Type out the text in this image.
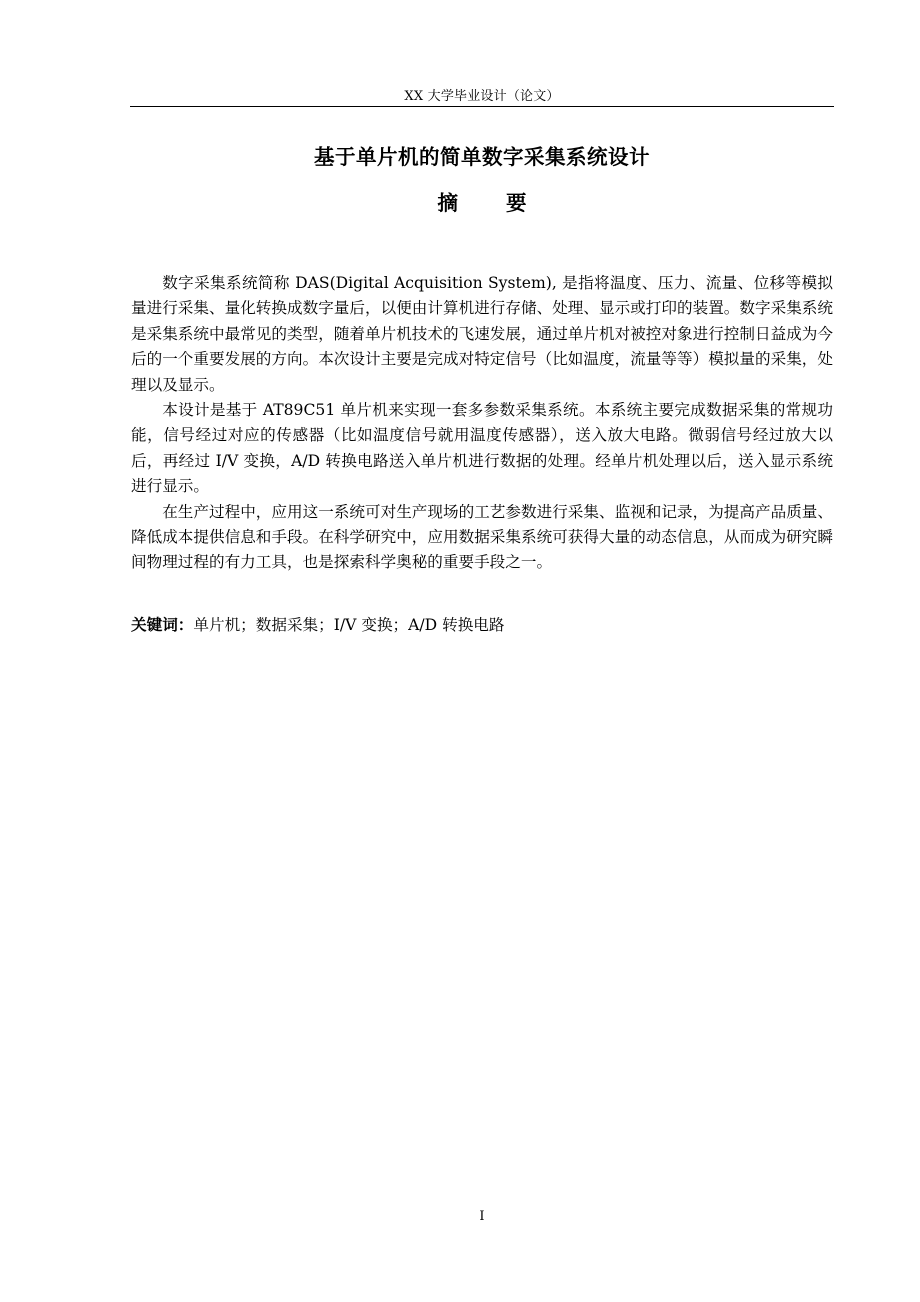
XX 大学毕业设计（论文）
基于单片机的简单数字采集系统设计
摘 要

数字采集系统简称 DAS(Digital Acquisition System), 是指将温度、压力、流量、位移等模拟量进行采集、量化转换成数字量后，以便由计算机进行存储、处理、显示或打印的装置。数字采集系统是采集系统中最常见的类型，随着单片机技术的飞速发展，通过单片机对被控对象进行控制日益成为今后的一个重要发展的方向。本次设计主要是完成对特定信号（比如温度，流量等等）模拟量的采集，处理以及显示。

本设计是基于 AT89C51 单片机来实现一套多参数采集系统。本系统主要完成数据采集的常规功能，信号经过对应的传感器（比如温度信号就用温度传感器），送入放大电路。微弱信号经过放大以后，再经过 I/V 变换，A/D 转换电路送入单片机进行数据的处理。经单片机处理以后，送入显示系统进行显示。

在生产过程中，应用这一系统可对生产现场的工艺参数进行采集、监视和记录，为提高产品质量、降低成本提供信息和手段。在科学研究中，应用数据采集系统可获得大量的动态信息，从而成为研究瞬间物理过程的有力工具，也是探索科学奥秘的重要手段之一。

关键词：单片机；数据采集；I/V 变换；A/D 转换电路
I
